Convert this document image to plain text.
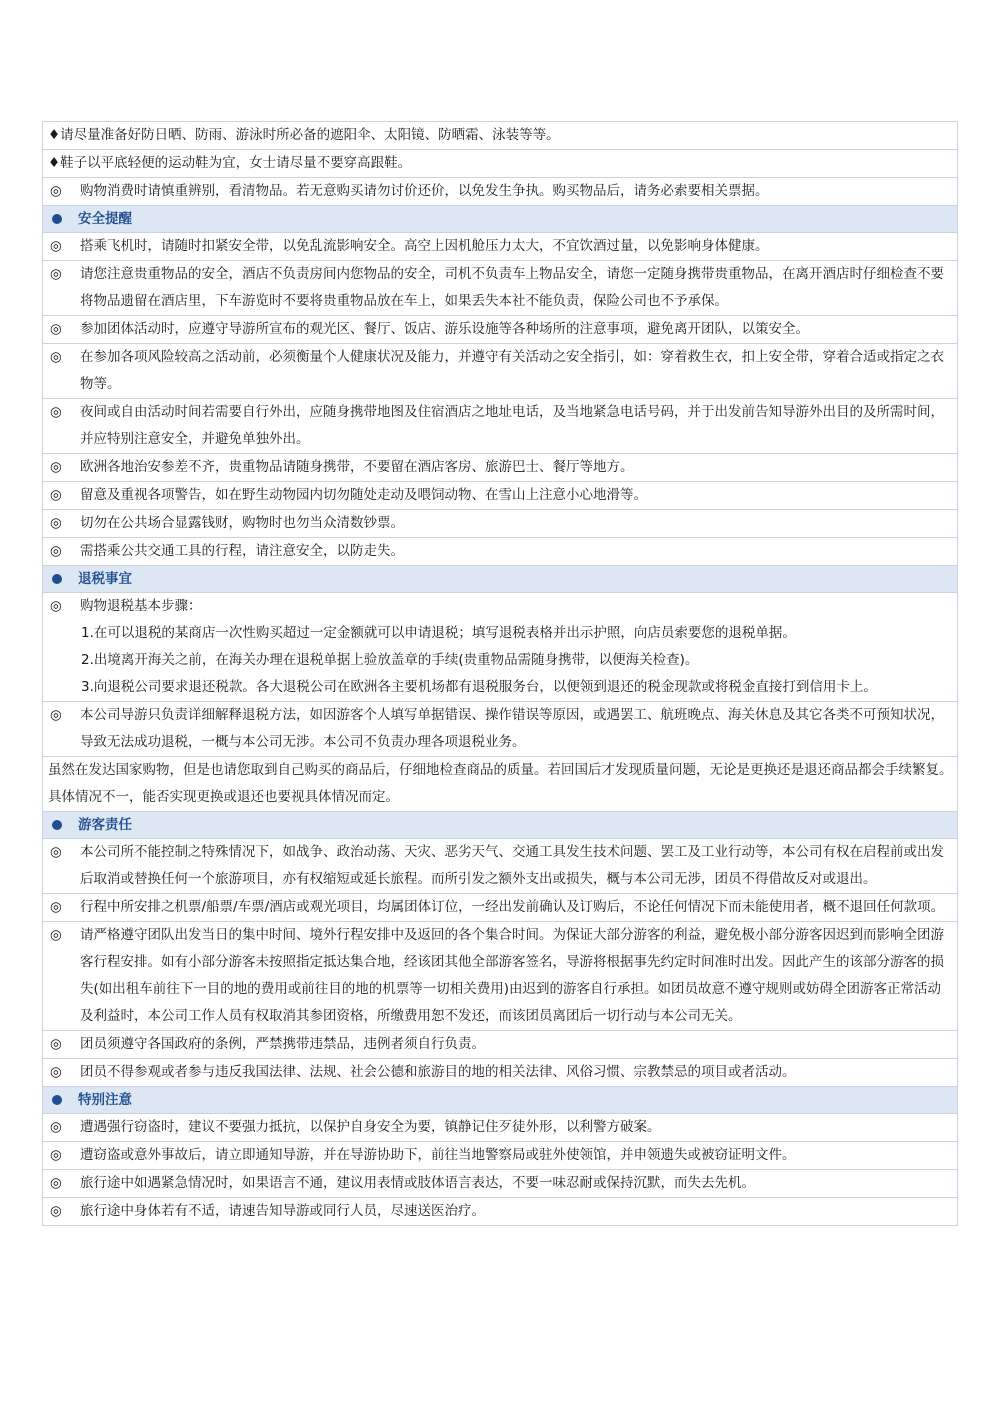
♦请尽量准备好防日晒、防雨、游泳时所必备的遮阳伞、太阳镜、防晒霜、泳装等等。
♦鞋子以平底轻便的运动鞋为宜，女士请尽量不要穿高跟鞋。
◎	购物消费时请慎重辨别，看清物品。若无意购买请勿讨价还价，以免发生争执。购买物品后，请务必索要相关票据。
安全提醒
◎	搭乘飞机时，请随时扣紧安全带，以免乱流影响安全。高空上因机舱压力太大，不宜饮酒过量，以免影响身体健康。
◎	请您注意贵重物品的安全，酒店不负责房间内您物品的安全，司机不负责车上物品安全，请您一定随身携带贵重物品，在离开酒店时仔细检查不要将物品遗留在酒店里，下车游览时不要将贵重物品放在车上，如果丢失本社不能负责，保险公司也不予承保。
◎	参加团体活动时，应遵守导游所宣布的观光区、餐厅、饭店、游乐设施等各种场所的注意事项，避免离开团队，以策安全。
◎	在参加各项风险较高之活动前，必须衡量个人健康状况及能力，并遵守有关活动之安全指引，如：穿着救生衣，扣上安全带，穿着合适或指定之衣物等。
◎	夜间或自由活动时间若需要自行外出，应随身携带地图及住宿酒店之地址电话，及当地紧急电话号码，并于出发前告知导游外出目的及所需时间，并应特别注意安全，并避免单独外出。
◎	欧洲各地治安参差不齐，贵重物品请随身携带，不要留在酒店客房、旅游巴士、餐厅等地方。
◎	留意及重视各项警告，如在野生动物园内切勿随处走动及喂饲动物、在雪山上注意小心地滑等。
◎	切勿在公共场合显露钱财，购物时也勿当众清数钞票。
◎	需搭乘公共交通工具的行程，请注意安全，以防走失。
退税事宜
◎	购物退税基本步骤：
1.在可以退税的某商店一次性购买超过一定金额就可以申请退税；填写退税表格并出示护照，向店员索要您的退税单据。
2.出境离开海关之前，在海关办理在退税单据上验放盖章的手续(贵重物品需随身携带，以便海关检查)。
3.向退税公司要求退还税款。各大退税公司在欧洲各主要机场都有退税服务台，以便领到退还的税金现款或将税金直接打到信用卡上。
◎	本公司导游只负责详细解释退税方法，如因游客个人填写单据错误、操作错误等原因，或遇罢工、航班晚点、海关休息及其它各类不可预知状况，导致无法成功退税，一概与本公司无涉。本公司不负责办理各项退税业务。
虽然在发达国家购物，但是也请您取到自己购买的商品后，仔细地检查商品的质量。若回国后才发现质量问题，无论是更换还是退还商品都会手续繁复。具体情况不一，能否实现更换或退还也要视具体情况而定。
游客责任
◎	本公司所不能控制之特殊情况下，如战争、政治动荡、天灾、恶劣天气、交通工具发生技术问题、罢工及工业行动等，本公司有权在启程前或出发后取消或替换任何一个旅游项目，亦有权缩短或延长旅程。而所引发之额外支出或损失，概与本公司无涉，团员不得借故反对或退出。
◎	行程中所安排之机票/船票/车票/酒店或观光项目，均属团体订位，一经出发前确认及订购后，不论任何情况下而未能使用者，概不退回任何款项。
◎	请严格遵守团队出发当日的集中时间、境外行程安排中及返回的各个集合时间。为保证大部分游客的利益，避免极小部分游客因迟到而影响全团游客行程安排。如有小部分游客未按照指定抵达集合地，经该团其他全部游客签名，导游将根据事先约定时间准时出发。因此产生的该部分游客的损失(如出租车前往下一目的地的费用或前往目的地的机票等一切相关费用)由迟到的游客自行承担。如团员故意不遵守规则或妨碍全团游客正常活动及利益时，本公司工作人员有权取消其参团资格，所缴费用恕不发还，而该团员离团后一切行动与本公司无关。
◎	团员须遵守各国政府的条例，严禁携带违禁品，违例者须自行负责。
◎	团员不得参观或者参与违反我国法律、法规、社会公德和旅游目的地的相关法律、风俗习惯、宗教禁忌的项目或者活动。
特别注意
◎	遭遇强行窃盗时，建议不要强力抵抗，以保护自身安全为要，镇静记住歹徒外形，以利警方破案。
◎	遭窃盗或意外事故后，请立即通知导游，并在导游协助下，前往当地警察局或驻外使领馆，并申领遗失或被窃证明文件。
◎	旅行途中如遇紧急情况时，如果语言不通，建议用表情或肢体语言表达，不要一味忍耐或保持沉默，而失去先机。
◎	旅行途中身体若有不适，请速告知导游或同行人员，尽速送医治疗。
